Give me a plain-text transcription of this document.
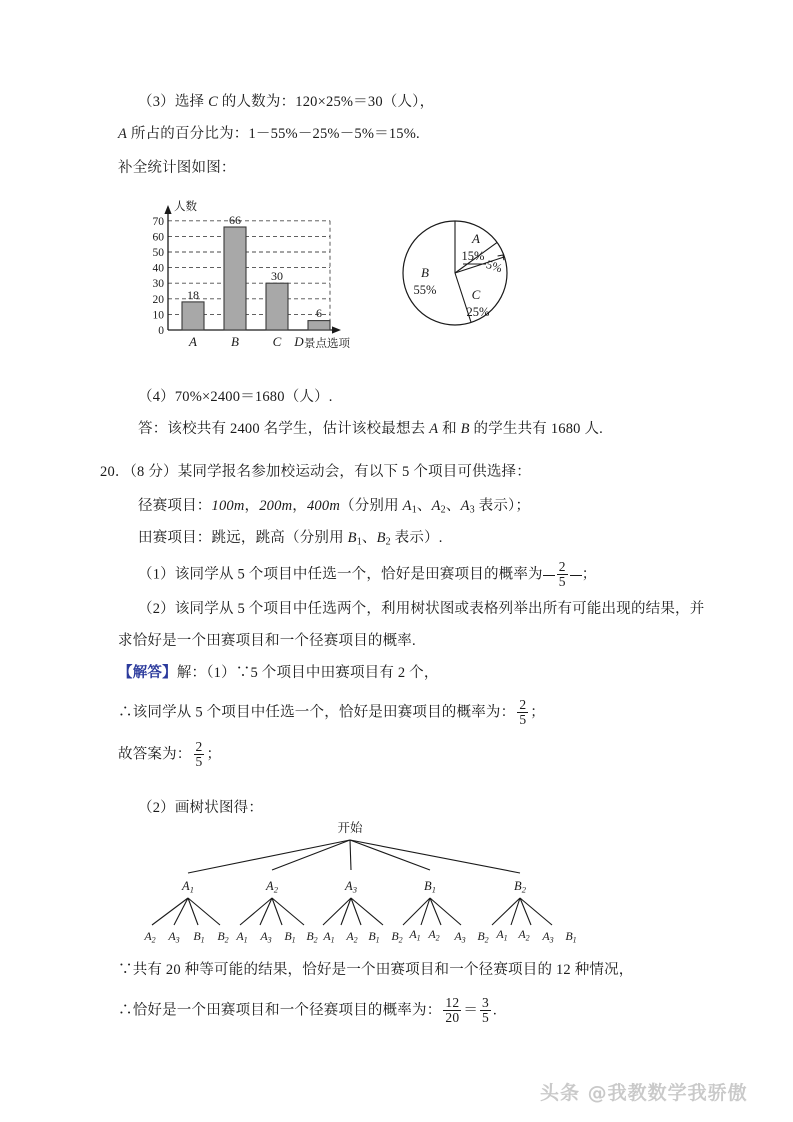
（3）选择 C 的人数为：120×25%＝30（人），
A 所占的百分比为：1－55%－25%－5%＝15%.
补全统计图如图：
0
10
20
30
40
50
60
70
人数
景点选项
18
66
30
6
A	B	C D
A
15%
5%
B
55%	C
25%
（4）70%×2400＝1680（人）.
答：该校共有 2400 名学生，估计该校最想去 A 和 B 的学生共有 1680 人.
20．（8 分）某同学报名参加校运动会，有以下 5 个项目可供选择：
径赛项目：100m，200m，400m（分别用 $A_1$、$A_2$、$A_3$ 表示）；
田赛项目：跳远，跳高（分别用 $B_1$、$B_2$ 表示）.
（1）该同学从 5 个项目中任选一个，恰好是田赛项目的概率为 $\frac{2}{5}$ ；
（2）该同学从 5 个项目中任选两个，利用树状图或表格列举出所有可能出现的结果，并
求恰好是一个田赛项目和一个径赛项目的概率.
【解答】解：（1）∵5 个项目中田赛项目有 2 个，
∴该同学从 5 个项目中任选一个，恰好是田赛项目的概率为： $\frac{2}{5}$ ；
故答案为： $\frac{2}{5}$ ；
（2）画树状图得：
开始
$A_1$	$A_2$	$A_3$	$B_1$	$B_2$
$A_2$ $A_3$ $B_1$ $B_2$ $A_1$ $A_3$ $B_1$ $B_2$ $A_1$ $A_2$ $B_1$ $B_2$ $A_1$ $A_2$ $A_3$ $B_2$ $A_1$ $A_2$ $A_3$ $B_1$
∵共有 20 种等可能的结果，恰好是一个田赛项目和一个径赛项目的 12 种情况，
∴恰好是一个田赛项目和一个径赛项目的概率为： $\frac{12}{20} = \frac{3}{5}$ .
头条 @我教数学我骄傲
